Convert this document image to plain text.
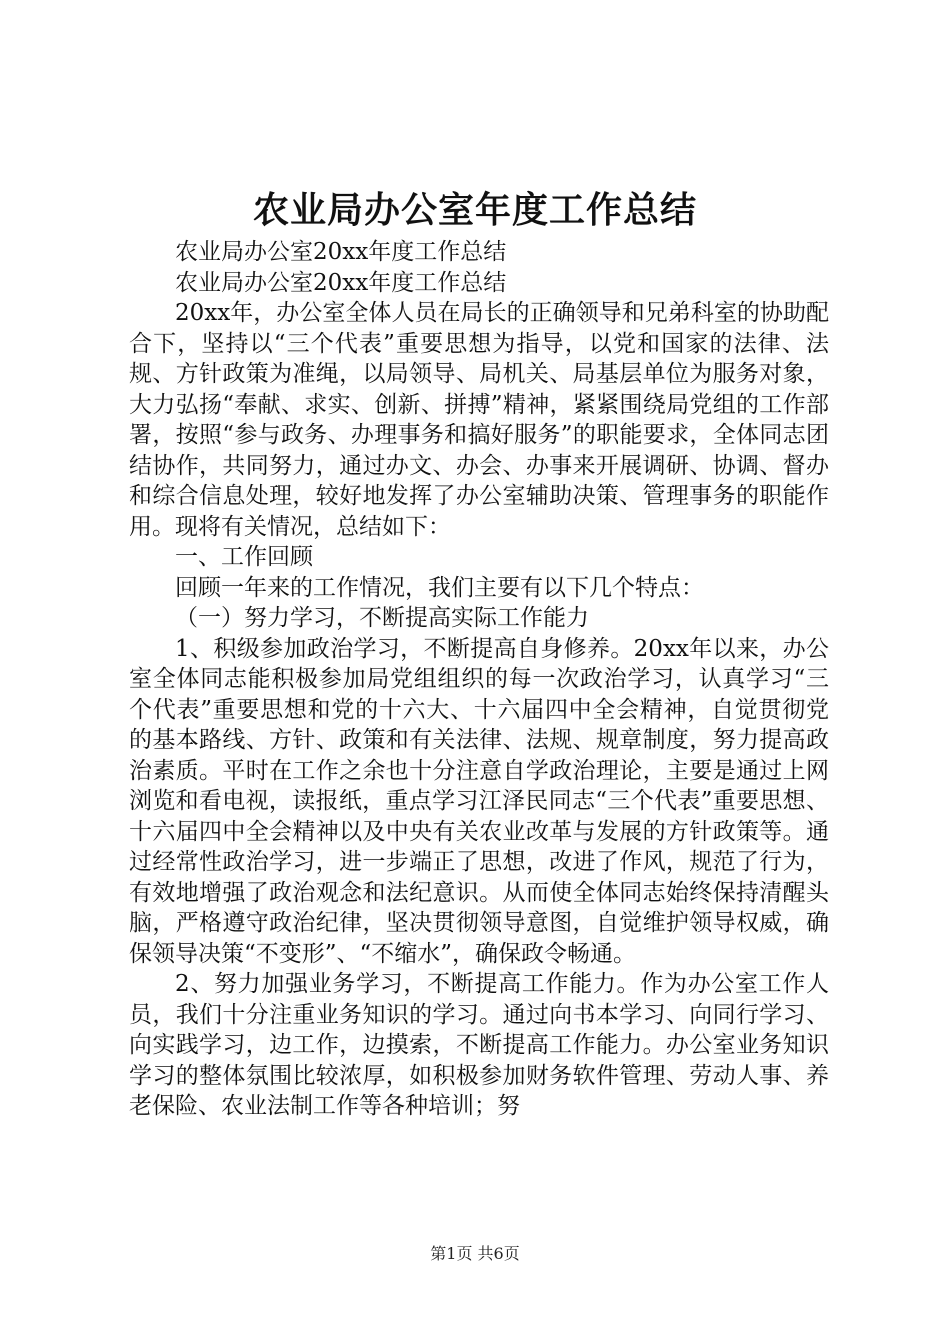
农业局办公室年度工作总结

农业局办公室20xx年度工作总结

农业局办公室20xx年度工作总结

20xx年，办公室全体人员在局长的正确领导和兄弟科室的协助配合下，坚持以“三个代表”重要思想为指导，以党和国家的法律、法规、方针政策为准绳，以局领导、局机关、局基层单位为服务对象，大力弘扬“奉献、求实、创新、拼搏”精神，紧紧围绕局党组的工作部署，按照“参与政务、办理事务和搞好服务”的职能要求，全体同志团结协作，共同努力，通过办文、办会、办事来开展调研、协调、督办和综合信息处理，较好地发挥了办公室辅助决策、管理事务的职能作用。现将有关情况，总结如下：

一、工作回顾

回顾一年来的工作情况，我们主要有以下几个特点：

（一）努力学习，不断提高实际工作能力

1、积级参加政治学习，不断提高自身修养。20xx年以来，办公室全体同志能积极参加局党组组织的每一次政治学习，认真学习“三个代表”重要思想和党的十六大、十六届四中全会精神，自觉贯彻党的基本路线、方针、政策和有关法律、法规、规章制度，努力提高政治素质。平时在工作之余也十分注意自学政治理论，主要是通过上网浏览和看电视，读报纸，重点学习江泽民同志“三个代表”重要思想、十六届四中全会精神以及中央有关农业改革与发展的方针政策等。通过经常性政治学习，进一步端正了思想，改进了作风，规范了行为，有效地增强了政治观念和法纪意识。从而使全体同志始终保持清醒头脑，严格遵守政治纪律，坚决贯彻领导意图，自觉维护领导权威，确保领导决策“不变形”、“不缩水”，确保政令畅通。

2、努力加强业务学习，不断提高工作能力。作为办公室工作人员，我们十分注重业务知识的学习。通过向书本学习、向同行学习、向实践学习，边工作，边摸索，不断提高工作能力。办公室业务知识学习的整体氛围比较浓厚，如积极参加财务软件管理、劳动人事、养老保险、农业法制工作等各种培训；努

第1页 共6页
